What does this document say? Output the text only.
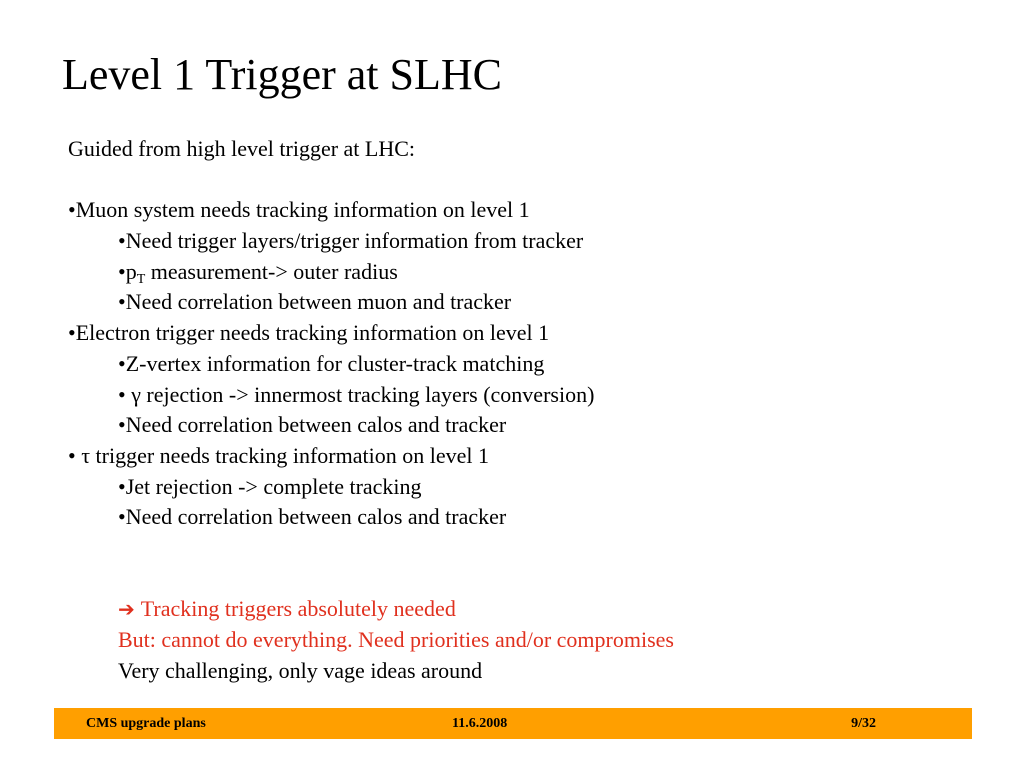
Level 1 Trigger at SLHC
Guided from high level trigger at LHC:
•Muon system needs tracking information on level 1
•Need trigger layers/trigger information from tracker
$•p_T$ measurement-> outer radius
•Need correlation between muon and tracker
•Electron trigger needs tracking information on level 1
•Z-vertex information for cluster-track matching
• γ rejection -> innermost tracking layers (conversion)
•Need correlation between calos and tracker
• τ trigger needs tracking information on level 1
•Jet rejection -> complete tracking
•Need correlation between calos and tracker
➔ Tracking triggers absolutely needed
But: cannot do everything. Need priorities and/or compromises
Very challenging, only vage ideas around
CMS upgrade plans	11.6.2008	9/32
